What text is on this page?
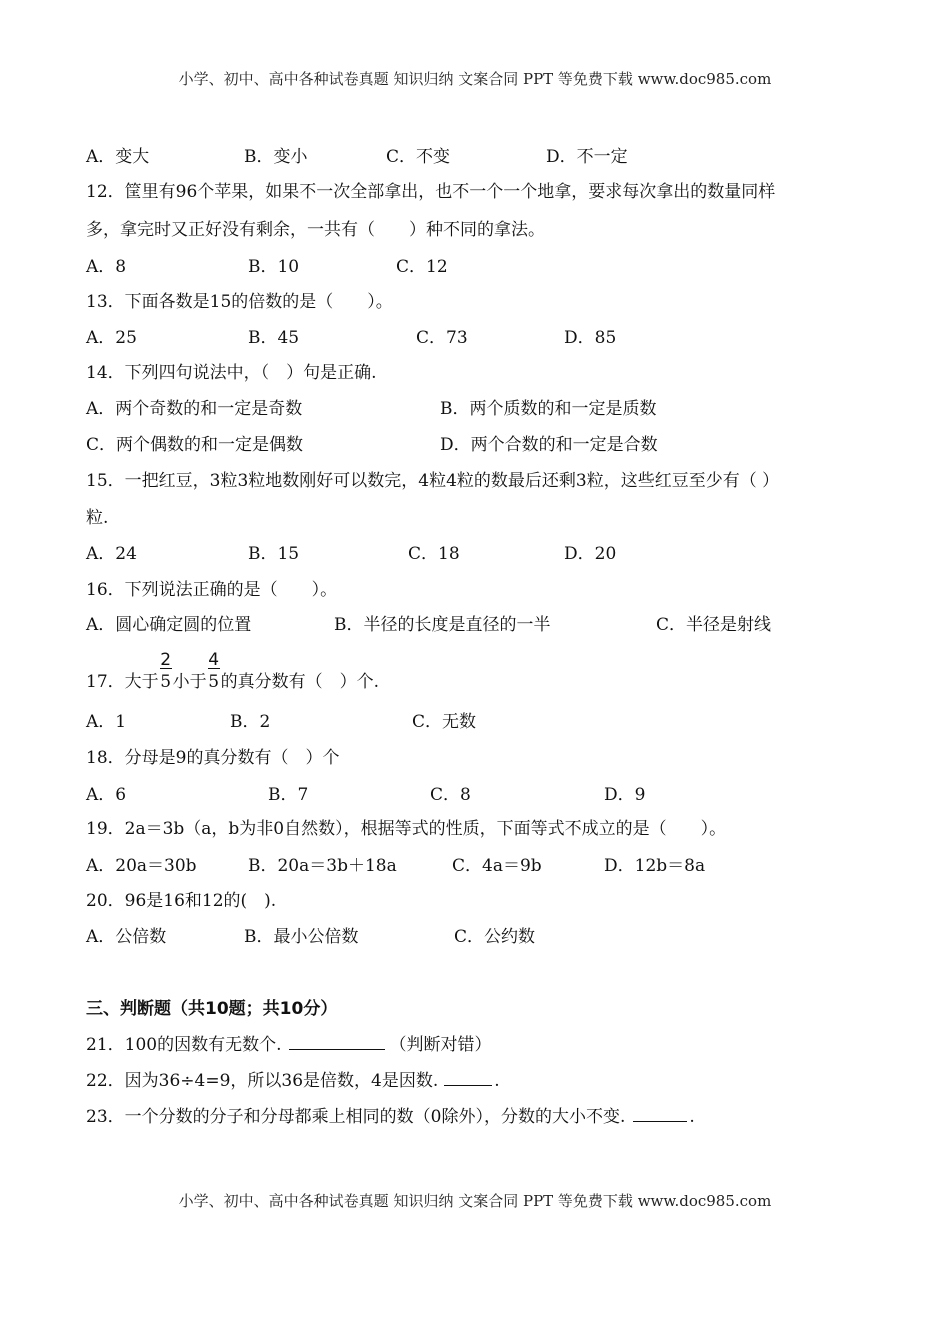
小学、初中、高中各种试卷真题 知识归纳 文案合同 PPT 等免费下载 www.doc985.com
A．变大	B．变小	C．不变	D．不一定
12．筐里有96个苹果，如果不一次全部拿出，也不一个一个地拿，要求每次拿出的数量同样
多，拿完时又正好没有剩余，一共有（　　）种不同的拿法。
A．8	B．10	C．12
13．下面各数是15的倍数的是（　　）。
A．25	B．45	C．73	D．85
14．下列四句说法中，（　）句是正确.
A．两个奇数的和一定是奇数	B．两个质数的和一定是质数
C．两个偶数的和一定是偶数	D．两个合数的和一定是合数
15．一把红豆，3粒3粒地数刚好可以数完，4粒4粒的数最后还剩3粒，这些红豆至少有（ ）
粒.
A．24	B．15	C．18	D．20
16．下列说法正确的是（　　）。
A．圆心确定圆的位置	B．半径的长度是直径的一半	C．半径是射线
17．大于 $\frac{2}{5}$小于 $\frac{4}{5}$的真分数有（　）个.
A．1	B．2	C．无数
18．分母是9的真分数有（　）个
A．6	B．7	C．8	D．9
19．2a＝3b（a，b为非0自然数），根据等式的性质，下面等式不成立的是（　　）。
A．20a＝30b	B．20a＝3b＋18a	C．4a＝9b	D．12b＝8a
20．96是16和12的(　).
A．公倍数	B．最小公倍数	C．公约数
三、判断题（共10题；共10分）
21．100的因数有无数个.	（判断对错）
22．因为36÷4=9，所以36是倍数，4是因数.	.
23．一个分数的分子和分母都乘上相同的数（0除外），分数的大小不变.	.
小学、初中、高中各种试卷真题 知识归纳 文案合同 PPT 等免费下载 www.doc985.com
